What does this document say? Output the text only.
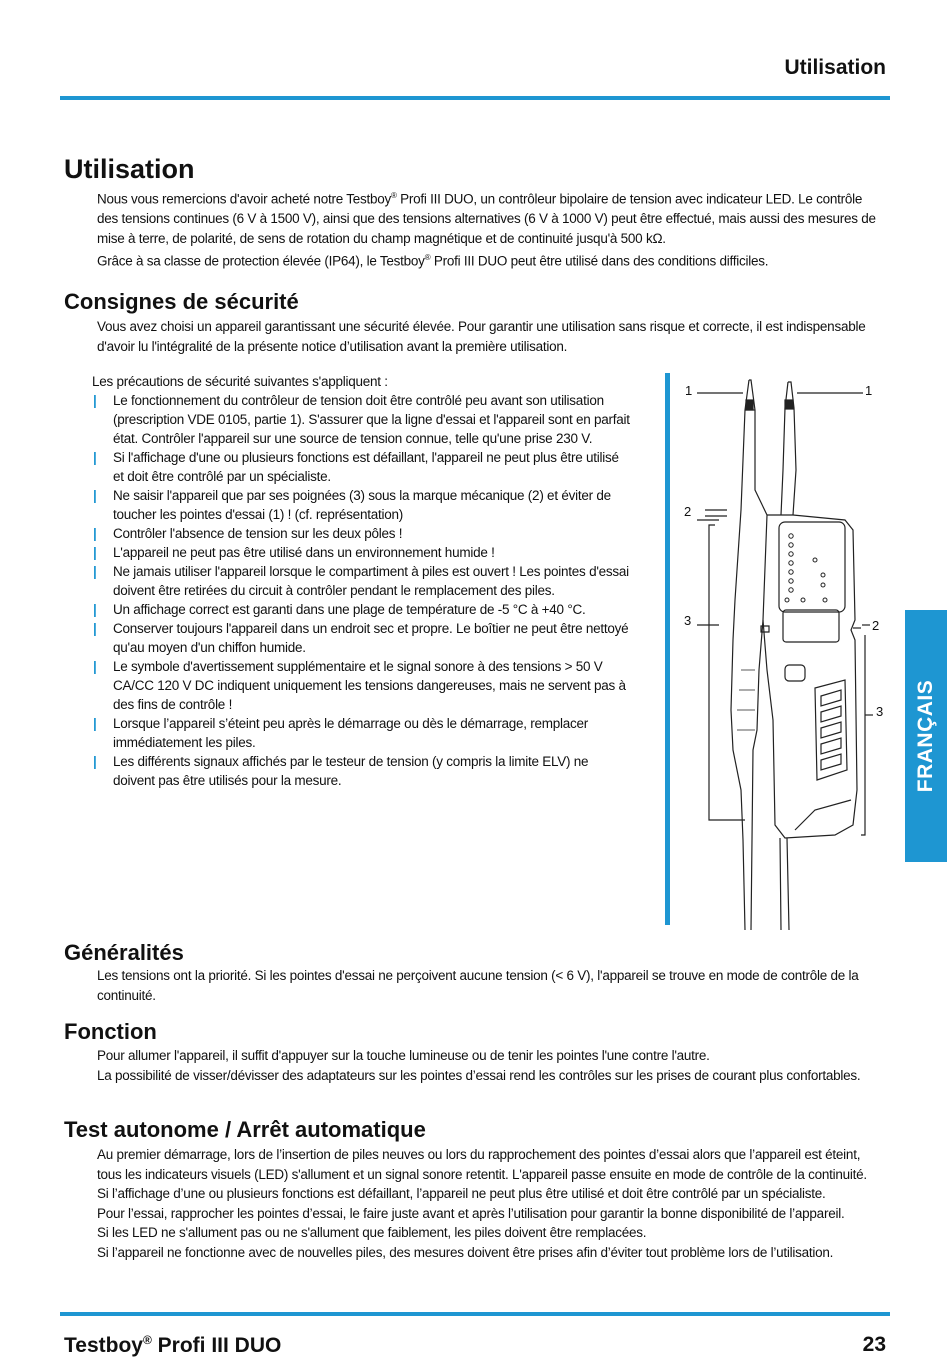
Utilisation
Utilisation

Nous vous remercions d'avoir acheté notre Testboy® Profi III DUO, un contrôleur bipolaire de tension avec indicateur LED. Le contrôle des tensions continues (6 V à 1500 V), ainsi que des tensions alternatives (6 V à 1000 V) peut être effectué, mais aussi des mesures de mise à terre, de polarité, de sens de rotation du champ magnétique et de continuité jusqu'à 500 kΩ.

Grâce à sa classe de protection élevée (IP64), le Testboy® Profi III DUO peut être utilisé dans des conditions difficiles.

Consignes de sécurité

Vous avez choisi un appareil garantissant une sécurité élevée. Pour garantir une utilisation sans risque et correcte, il est indispensable d'avoir lu l'intégralité de la présente notice d’utilisation avant la première utilisation.

Les précautions de sécurité suivantes s'appliquent :
| Le fonctionnement du contrôleur de tension doit être contrôlé peu avant son utilisation (prescription VDE 0105, partie 1). S'assurer que la ligne d'essai et l'appareil sont en parfait état. Contrôler l'appareil sur une source de tension connue, telle qu'une prise 230 V.
| Si l'affichage d'une ou plusieurs fonctions est défaillant, l'appareil ne peut plus être utilisé et doit être contrôlé par un spécialiste.
| Ne saisir l'appareil que par ses poignées (3) sous la marque mécanique (2) et éviter de toucher les pointes d'essai (1) ! (cf. représentation)
| Contrôler l'absence de tension sur les deux pôles !
| L'appareil ne peut pas être utilisé dans un environnement humide !
| Ne jamais utiliser l'appareil lorsque le compartiment à piles est ouvert ! Les pointes d'essai doivent être retirées du circuit à contrôler pendant le remplacement des piles.
| Un affichage correct est garanti dans une plage de température de -5 °C à +40 °C.
| Conserver toujours l'appareil dans un endroit sec et propre. Le boîtier ne peut être nettoyé qu'au moyen d'un chiffon humide.
| Le symbole d'avertissement supplémentaire et le signal sonore à des tensions > 50 V CA/CC 120 V DC indiquent uniquement les tensions dangereuses, mais ne servent pas à des fins de contrôle !
| Lorsque l’appareil s’éteint peu après le démarrage ou dès le démarrage, remplacer immédiatement les piles.
| Les différents signaux affichés par le testeur de tension (y compris la limite ELV) ne doivent pas être utilisés pour la mesure.
1	1
2
2
3
3 FRANÇAIS
Généralités

Les tensions ont la priorité. Si les pointes d'essai ne perçoivent aucune tension (< 6 V), l'appareil se trouve en mode de contrôle de la continuité.

Fonction

Pour allumer l'appareil, il suffit d'appuyer sur la touche lumineuse ou de tenir les pointes l'une contre l'autre.

La possibilité de visser/dévisser des adaptateurs sur les pointes d’essai rend les contrôles sur les prises de courant plus confortables.

Test autonome / Arrêt automatique

Au premier démarrage, lors de l’insertion de piles neuves ou lors du rapprochement des pointes d’essai alors que l’appareil est éteint, tous les indicateurs visuels (LED) s'allument et un signal sonore retentit. L'appareil passe ensuite en mode de contrôle de la continuité.

Si l’affichage d’une ou plusieurs fonctions est défaillant, l’appareil ne peut plus être utilisé et doit être contrôlé par un spécialiste.

Pour l’essai, rapprocher les pointes d’essai, le faire juste avant et après l’utilisation pour garantir la bonne disponibilité de l’appareil.

Si les LED ne s'allument pas ou ne s'allument que faiblement, les piles doivent être remplacées.

Si l’appareil ne fonctionne avec de nouvelles piles, des mesures doivent être prises afin d’éviter tout problème lors de l’utilisation.

Testboy® Profi III DUO	23
